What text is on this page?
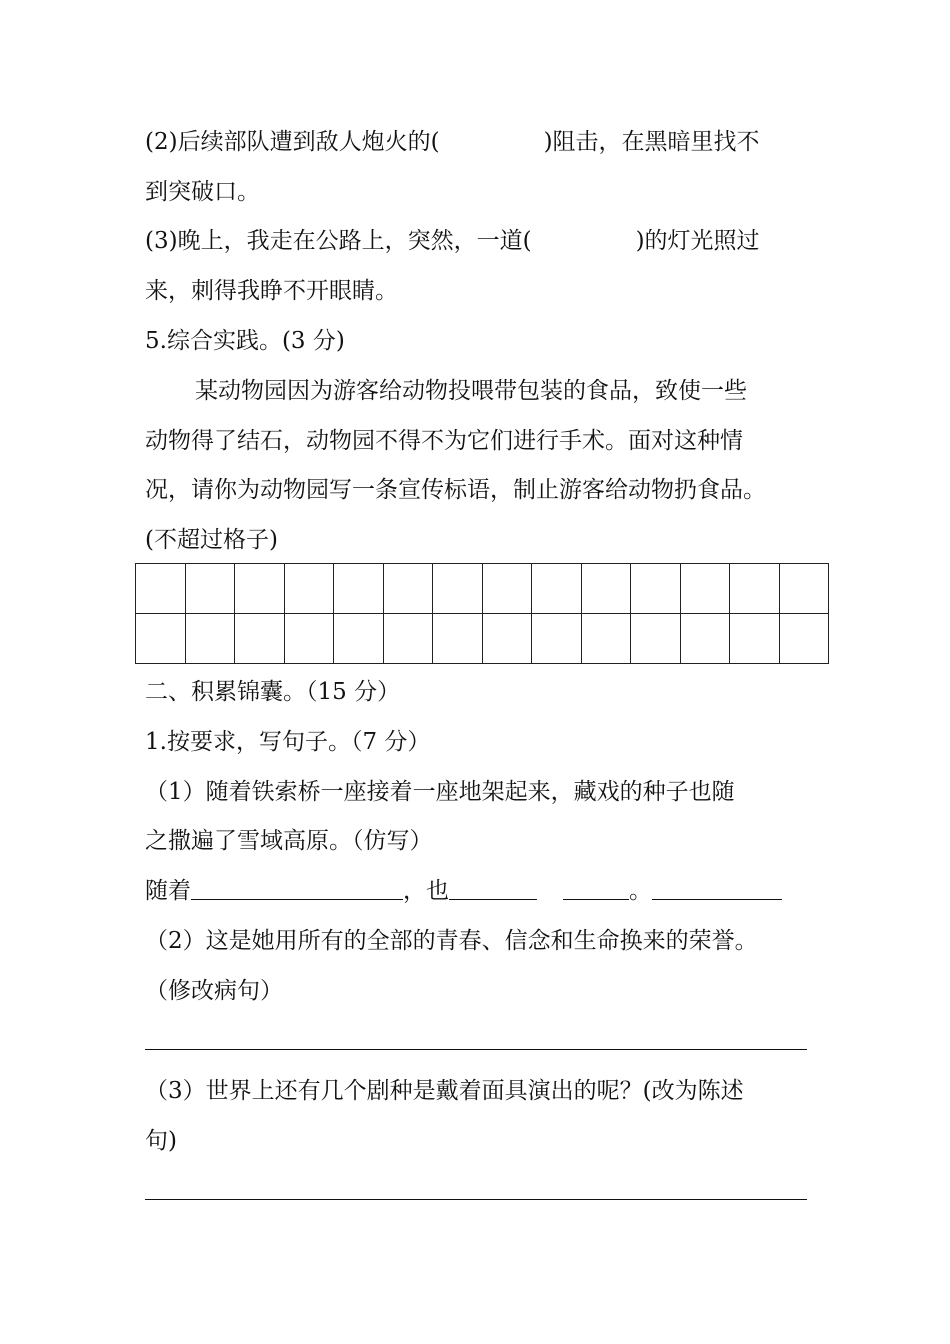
(2)后续部队遭到敌人炮火的(	)阻击，在黑暗里找不
到突破口。
(3)晚上，我走在公路上，突然，一道(	)的灯光照过
来，刺得我睁不开眼睛。
5.综合实践。(3 分)
某动物园因为游客给动物投喂带包装的食品，致使一些
动物得了结石，动物园不得不为它们进行手术。面对这种情
况，请你为动物园写一条宣传标语，制止游客给动物扔食品。
(不超过格子)

二、积累锦囊。（15 分）
1.按要求，写句子。（7 分）
（1）随着铁索桥一座接着一座地架起来，藏戏的种子也随
之撒遍了雪域高原。（仿写）
随着	，也	。
（2）这是她用所有的全部的青春、信念和生命换来的荣誉。
（修改病句）
（3）世界上还有几个剧种是戴着面具演出的呢？(改为陈述
句)
